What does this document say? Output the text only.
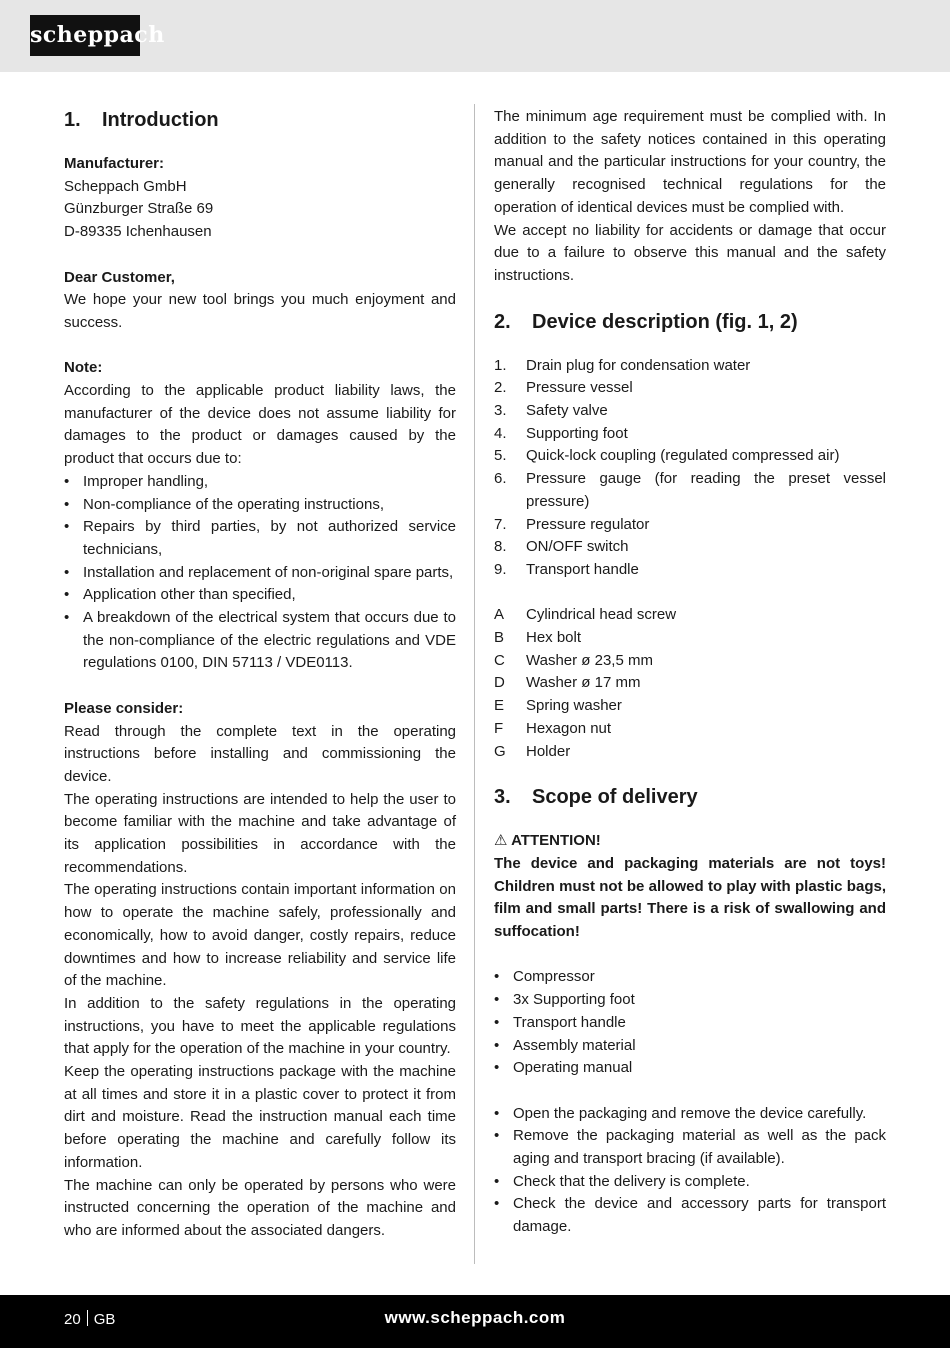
scheppach
1. Introduction
Manufacturer:
Scheppach GmbH
Günzburger Straße 69
D-89335 Ichenhausen
Dear Customer,

We hope your new tool brings you much enjoyment and success.

Note:

According to the applicable product liability laws, the manufacturer of the device does not assume liability for damages to the product or damages caused by the product that occurs due to:

• Improper handling,
• Non-compliance of the operating instructions,
• Repairs by third parties, by not authorized service technicians,
• Installation and replacement of non-original spare parts,
• Application other than specified,
• A breakdown of the electrical system that occurs due to the non-compliance of the electric regulations and VDE regulations 0100, DIN 57113 / VDE0113.
Please consider:

Read through the complete text in the operating instructions before installing and commissioning the device.

The operating instructions are intended to help the user to become familiar with the machine and take advantage of its application possibilities in accordance with the recommendations.

The operating instructions contain important information on how to operate the machine safely, professionally and economically, how to avoid danger, costly repairs, reduce downtimes and how to increase reliability and service life of the machine.

In addition to the safety regulations in the operating instructions, you have to meet the applicable regulations that apply for the operation of the machine in your country.

Keep the operating instructions package with the machine at all times and store it in a plastic cover to protect it from dirt and moisture. Read the instruction manual each time before operating the machine and carefully follow its information.

The machine can only be operated by persons who were instructed concerning the operation of the machine and who are informed about the associated dangers.

The minimum age requirement must be complied with. In addition to the safety notices contained in this operating manual and the particular instructions for your country, the generally recognised technical regulations for the operation of identical devices must be complied with.

We accept no liability for accidents or damage that occur due to a failure to observe this manual and the safety instructions.

2. Device description (fig. 1, 2)
1. Drain plug for condensation water
2. Pressure vessel
3. Safety valve
4. Supporting foot
5. Quick-lock coupling (regulated compressed air)
6. Pressure gauge (for reading the preset vessel pressure)
7. Pressure regulator
8. ON/OFF switch
9. Transport handle
A Cylindrical head screw
B Hex bolt
C Washer ø 23,5 mm
D Washer ø 17 mm
E Spring washer
F Hexagon nut
G Holder
3. Scope of delivery
⚠ ATTENTION!

The device and packaging materials are not toys! Children must not be allowed to play with plastic bags, film and small parts! There is a risk of swallowing and suffocation!

• Compressor
• 3x Supporting foot
• Transport handle
• Assembly material
• Operating manual
• Open the packaging and remove the device carefully.
• Remove the packaging material as well as the pack aging and transport bracing (if available).
• Check that the delivery is complete.
• Check the device and accessory parts for transport damage.
20 GB	www.scheppach.com
